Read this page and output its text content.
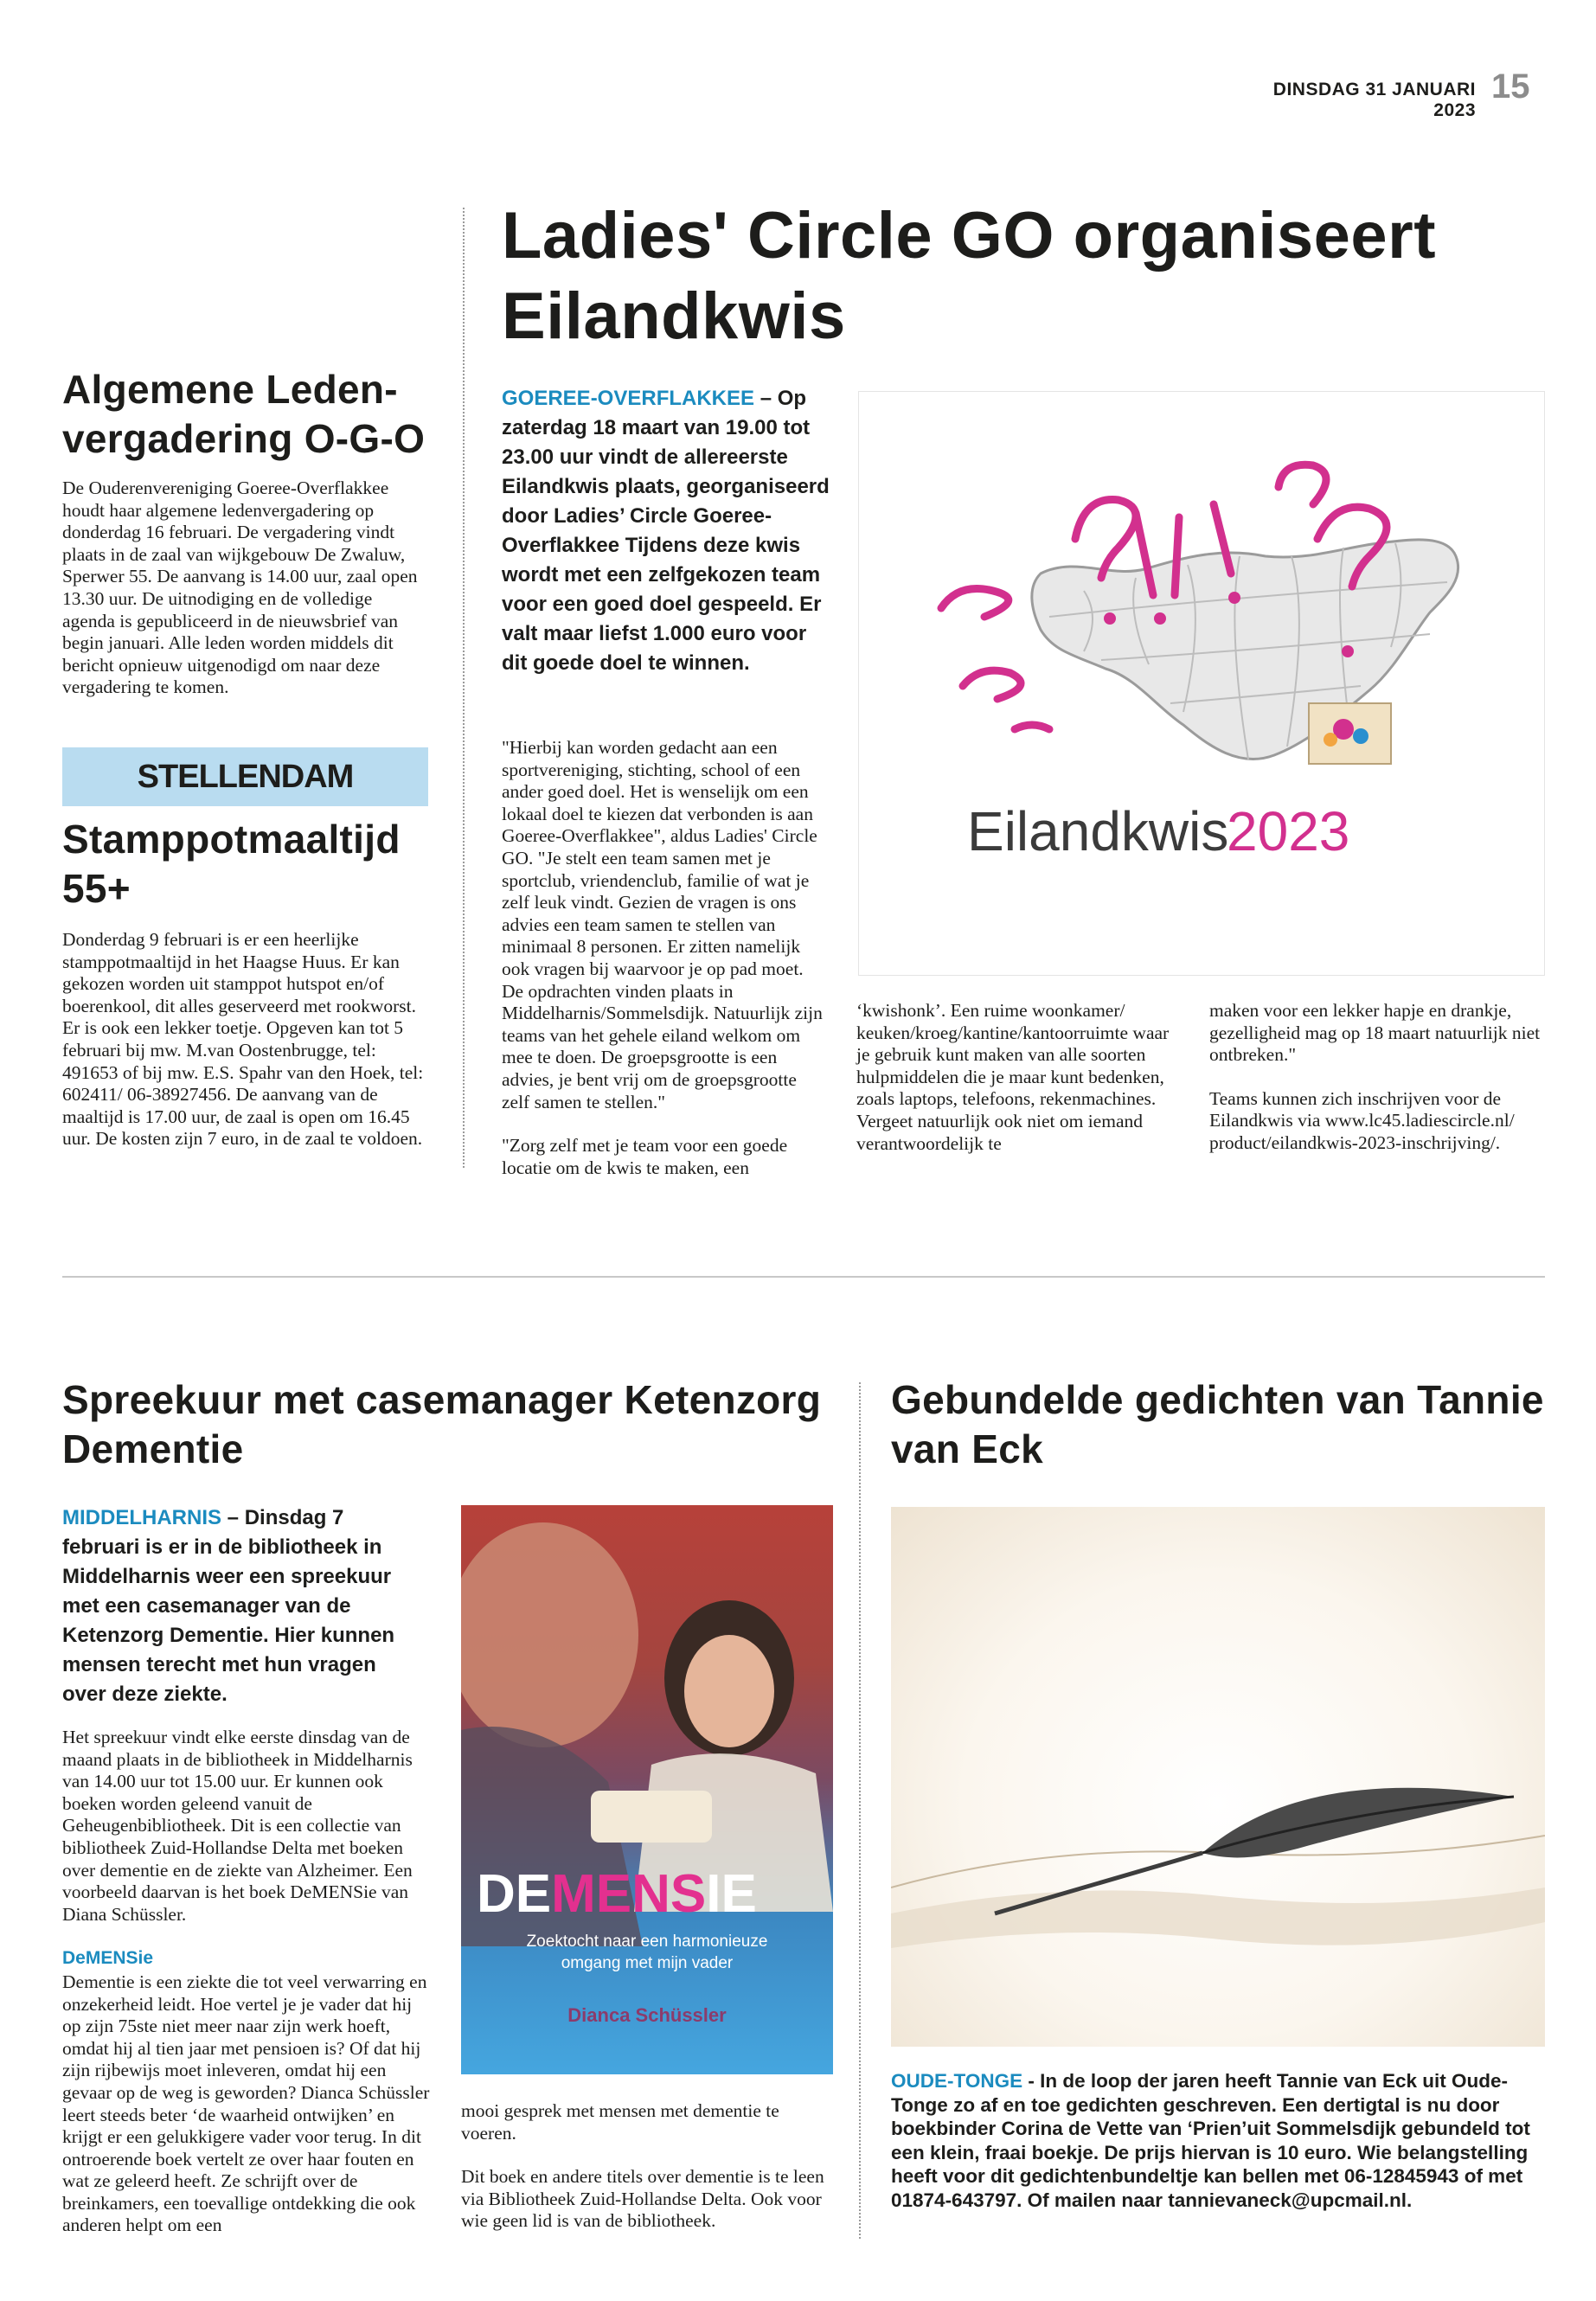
DINSDAG 31 JANUARI 2023
15
Algemene Leden-vergadering O-G-O

De Ouderenvereniging Goeree-Overflakkee houdt haar algemene ledenvergadering op donderdag 16 februari. De vergadering vindt plaats in de zaal van wijkgebouw De Zwaluw, Sperwer 55. De aanvang is 14.00 uur, zaal open 13.30 uur. De uitnodiging en de volledige agenda is gepubliceerd in de nieuwsbrief van begin januari. Alle leden worden middels dit bericht opnieuw uitgenodigd om naar deze vergadering te komen.

STELLENDAM
Stamppotmaaltijd 55+

Donderdag 9 februari is er een heerlijke stamppotmaaltijd in het Haagse Huus. Er kan gekozen worden uit stamppot hutspot en/of boerenkool, dit alles geserveerd met rookworst. Er is ook een lekker toetje. Opgeven kan tot 5 februari bij mw. M.van Oostenbrugge, tel: 491653 of bij mw. E.S. Spahr van den Hoek, tel: 602411/ 06-38927456. De aanvang van de maaltijd is 17.00 uur, de zaal is open om 16.45 uur. De kosten zijn 7 euro, in de zaal te voldoen.

Ladies' Circle GO organiseert Eilandkwis
GOEREE-OVERFLAKKEE – Op zaterdag 18 maart van 19.00 tot 23.00 uur vindt de allereerste Eilandkwis plaats, georganiseerd door Ladies’ Circle Goeree-Overflakkee Tijdens deze kwis wordt met een zelfgekozen team voor een goed doel gespeeld. Er valt maar liefst 1.000 euro voor dit goede doel te winnen.

"Hierbij kan worden gedacht aan een sportvereniging, stichting, school of een ander goed doel. Het is wenselijk om een lokaal doel te kiezen dat verbonden is aan Goeree-Overflakkee", aldus Ladies' Circle GO. "Je stelt een team samen met je sportclub, vriendenclub, familie of wat je zelf leuk vindt. Gezien de vragen is ons advies een team samen te stellen van minimaal 8 personen. Er zitten namelijk ook vragen bij waarvoor je op pad moet. De opdrachten vinden plaats in Middelharnis/Sommelsdijk. Natuurlijk zijn teams van het gehele eiland welkom om mee te doen. De groepsgrootte is een advies, je bent vrij om de groepsgrootte zelf samen te stellen."

"Zorg zelf met je team voor een goede locatie om de kwis te maken, een

Eilandkwis
2023

‘kwishonk’. Een ruime woonkamer/ keuken/kroeg/kantine/kantoorruimte waar je gebruik kunt maken van alle soorten hulpmiddelen die je maar kunt bedenken, zoals laptops, telefoons, rekenmachines. Vergeet natuurlijk ook niet om iemand verantwoordelijk te

maken voor een lekker hapje en drankje, gezelligheid mag op 18 maart natuurlijk niet ontbreken."

Teams kunnen zich inschrijven voor de Eilandkwis via www.lc45.ladiescircle.nl/ product/eilandkwis-2023-inschrijving/.

Spreekuur met casemanager Ketenzorg Dementie
MIDDELHARNIS – Dinsdag 7 februari is er in de bibliotheek in Middelharnis weer een spreekuur met een casemanager van de Ketenzorg Dementie. Hier kunnen mensen terecht met hun vragen over deze ziekte.

Het spreekuur vindt elke eerste dinsdag van de maand plaats in de bibliotheek in Middelharnis van 14.00 uur tot 15.00 uur. Er kunnen ook boeken worden geleend vanuit de Geheugenbibliotheek. Dit is een collectie van bibliotheek Zuid-Hollandse Delta met boeken over dementie en de ziekte van Alzheimer. Een voorbeeld daarvan is het boek DeMENSie van Diana Schüssler.

DeMENSie

Dementie is een ziekte die tot veel verwarring en onzekerheid leidt. Hoe vertel je je vader dat hij op zijn 75ste niet meer naar zijn werk hoeft, omdat hij al tien jaar met pensioen is? Of dat hij zijn rijbewijs moet inleveren, omdat hij een gevaar op de weg is geworden? Dianca Schüssler leert steeds beter ‘de waarheid ontwijken’ en krijgt er een gelukkigere vader voor terug. In dit ontroerende boek vertelt ze over haar fouten en wat ze geleerd heeft. Ze schrijft over de breinkamers, een toevallige ontdekking die ook anderen helpt om een

DEMENSIE
Zoektocht naar een harmonieuze omgang met mijn vader
Dianca Schüssler

mooi gesprek met mensen met dementie te voeren.

Dit boek en andere titels over dementie is te leen via Bibliotheek Zuid-Hollandse Delta. Ook voor wie geen lid is van de bibliotheek.

Gebundelde gedichten van Tannie van Eck
OUDE-TONGE - In de loop der jaren heeft Tannie van Eck uit Oude-Tonge zo af en toe gedichten geschreven. Een dertigtal is nu door boekbinder Corina de Vette van ‘Prien’uit Sommelsdijk gebundeld tot een klein, fraai boekje. De prijs hiervan is 10 euro. Wie belangstelling heeft voor dit gedichtenbundeltje kan bellen met 06-12845943 of met 01874-643797. Of mailen naar tannievaneck@upcmail.nl.
